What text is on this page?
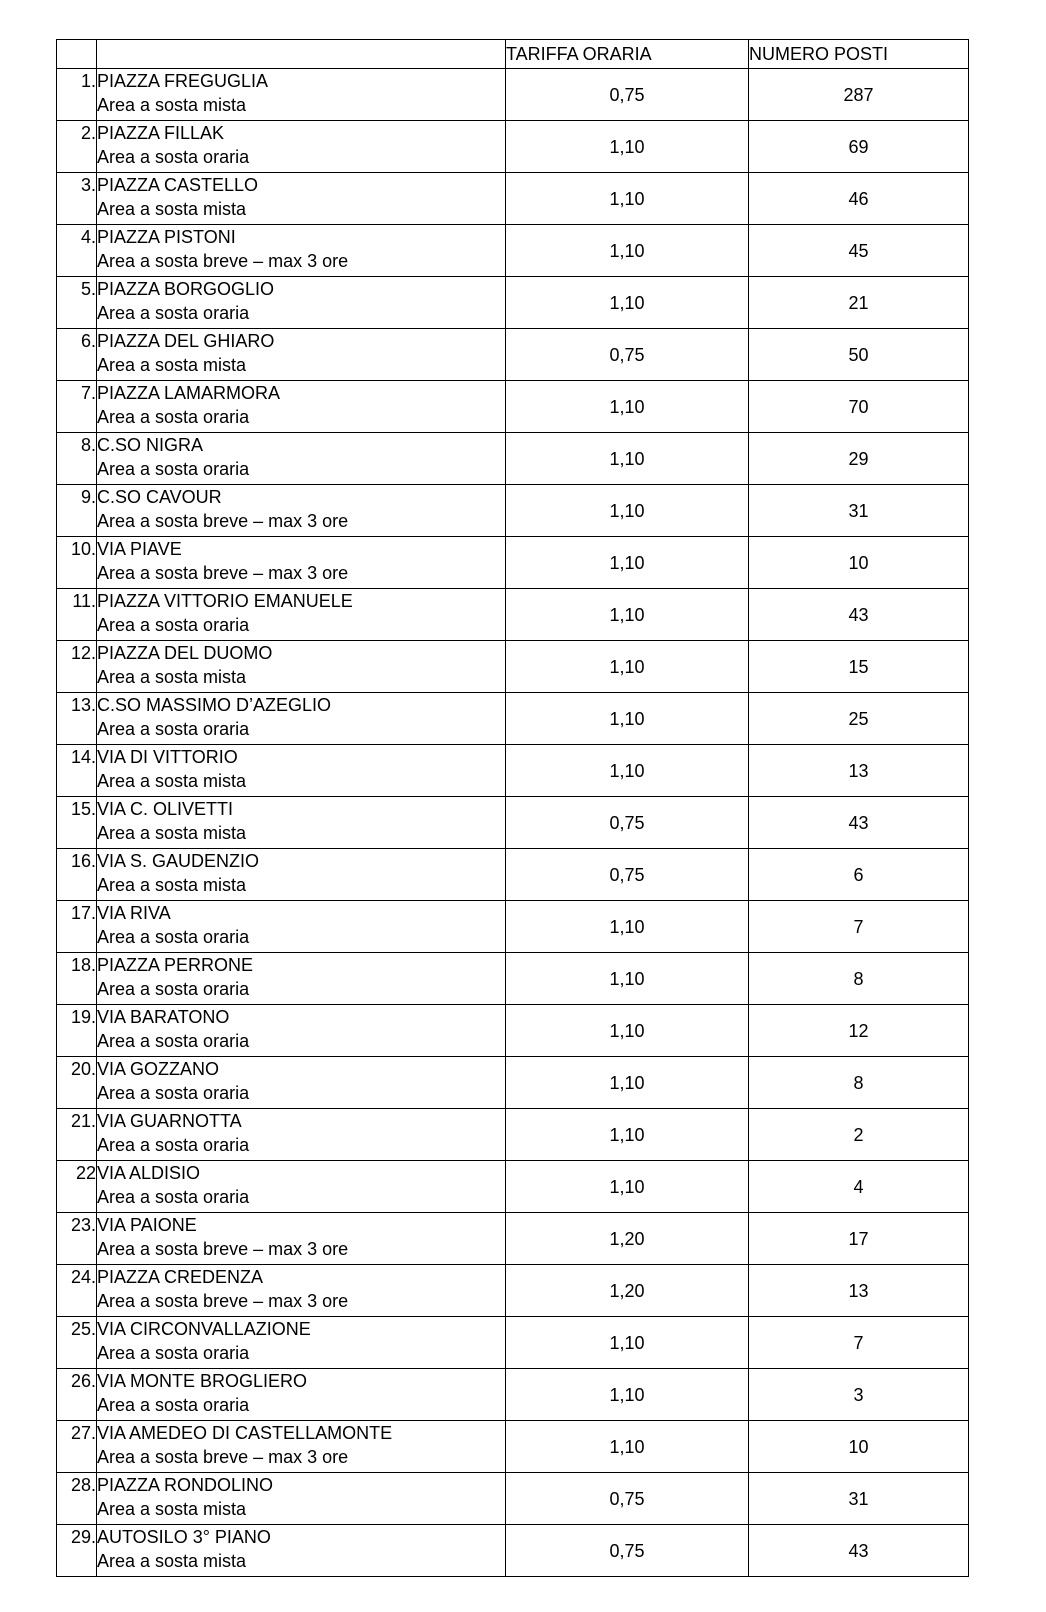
		TARIFFA ORARIA	NUMERO POSTI
1.	PIAZZA FREGUGLIA
Area a sosta mista	0,75	287
2.	PIAZZA FILLAK
Area a sosta oraria	1,10	69
3.	PIAZZA CASTELLO
Area a sosta mista	1,10	46
4.	PIAZZA PISTONI
Area a sosta breve – max 3 ore	1,10	45
5.	PIAZZA BORGOGLIO
Area a sosta oraria	1,10	21
6.	PIAZZA DEL GHIARO
Area a sosta mista	0,75	50
7.	PIAZZA LAMARMORA
Area a sosta oraria	1,10	70
8.	C.SO NIGRA
Area a sosta oraria	1,10	29
9.	C.SO CAVOUR
Area a sosta breve – max 3 ore	1,10	31
10.	VIA PIAVE
Area a sosta breve – max 3 ore	1,10	10
11.	PIAZZA VITTORIO EMANUELE
Area a sosta oraria	1,10	43
12.	PIAZZA DEL DUOMO
Area a sosta mista	1,10	15
13.	C.SO MASSIMO D’AZEGLIO
Area a sosta oraria	1,10	25
14.	VIA DI VITTORIO
Area a sosta mista	1,10	13
15.	VIA C. OLIVETTI
Area a sosta mista	0,75	43
16.	VIA S. GAUDENZIO
Area a sosta mista	0,75	6
17.	VIA RIVA
Area a sosta oraria	1,10	7
18.	PIAZZA PERRONE
Area a sosta oraria	1,10	8
19.	VIA BARATONO
Area a sosta oraria	1,10	12
20.	VIA GOZZANO
Area a sosta oraria	1,10	8
21.	VIA GUARNOTTA
Area a sosta oraria	1,10	2
22	VIA ALDISIO
Area a sosta oraria	1,10	4
23.	VIA PAIONE
Area a sosta breve – max 3 ore	1,20	17
24.	PIAZZA CREDENZA
Area a sosta breve – max 3 ore	1,20	13
25.	VIA CIRCONVALLAZIONE
Area a sosta oraria	1,10	7
26.	VIA MONTE BROGLIERO
Area a sosta oraria	1,10	3
27.	VIA AMEDEO DI CASTELLAMONTE
Area a sosta breve – max 3 ore	1,10	10
28.	PIAZZA RONDOLINO
Area a sosta mista	0,75	31
29.	AUTOSILO 3° PIANO
Area a sosta mista	0,75	43
